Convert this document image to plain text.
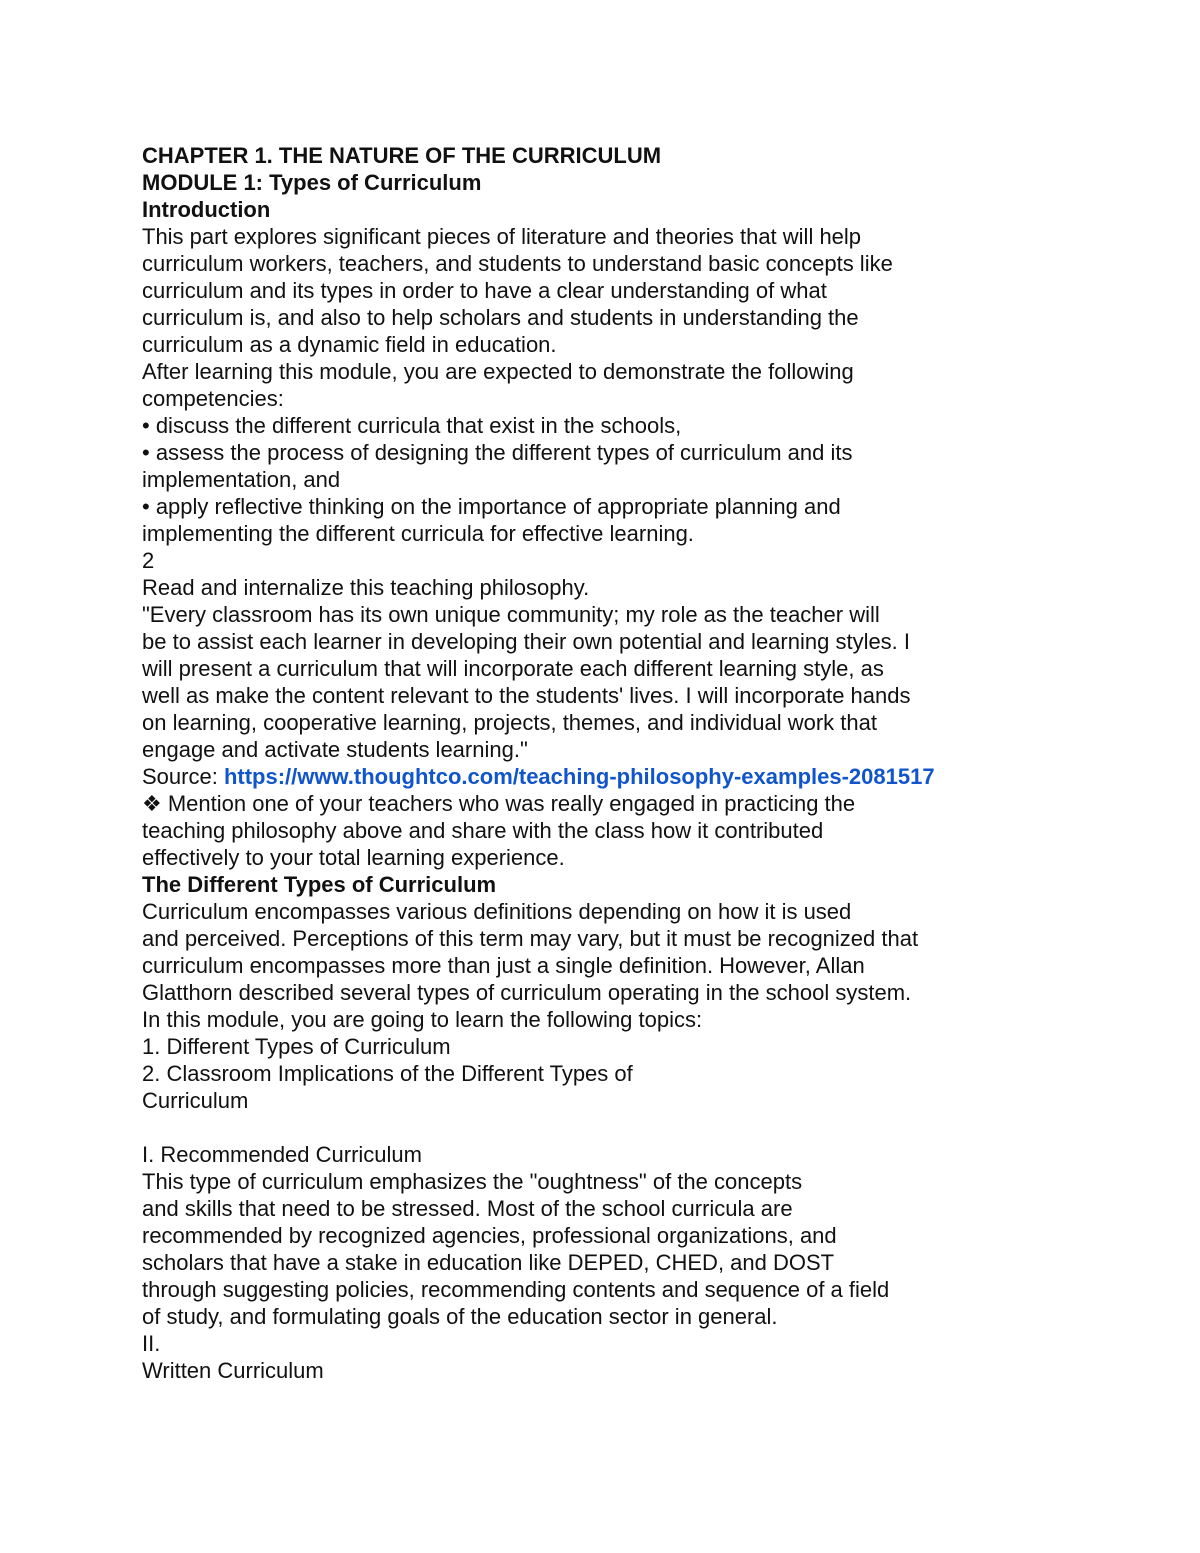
CHAPTER 1. THE NATURE OF THE CURRICULUM
MODULE 1: Types of Curriculum
Introduction
This part explores significant pieces of literature and theories that will help
curriculum workers, teachers, and students to understand basic concepts like
curriculum and its types in order to have a clear understanding of what
curriculum is, and also to help scholars and students in understanding the
curriculum as a dynamic field in education.
After learning this module, you are expected to demonstrate the following
competencies:
• discuss the different curricula that exist in the schools,
• assess the process of designing the different types of curriculum and its
implementation, and
• apply reflective thinking on the importance of appropriate planning and
implementing the different curricula for effective learning.
2
Read and internalize this teaching philosophy.
"Every classroom has its own unique community; my role as the teacher will
be to assist each learner in developing their own potential and learning styles. I
will present a curriculum that will incorporate each different learning style, as
well as make the content relevant to the students' lives. I will incorporate hands
on learning, cooperative learning, projects, themes, and individual work that
engage and activate students learning."
Source: https://www.thoughtco.com/teaching-philosophy-examples-2081517
❖ Mention one of your teachers who was really engaged in practicing the
teaching philosophy above and share with the class how it contributed
effectively to your total learning experience.
The Different Types of Curriculum
Curriculum encompasses various definitions depending on how it is used
and perceived. Perceptions of this term may vary, but it must be recognized that
curriculum encompasses more than just a single definition. However, Allan
Glatthorn described several types of curriculum operating in the school system.
In this module, you are going to learn the following topics:
1. Different Types of Curriculum
2. Classroom Implications of the Different Types of
Curriculum
I. Recommended Curriculum
This type of curriculum emphasizes the "oughtness" of the concepts
and skills that need to be stressed. Most of the school curricula are
recommended by recognized agencies, professional organizations, and
scholars that have a stake in education like DEPED, CHED, and DOST
through suggesting policies, recommending contents and sequence of a field
of study, and formulating goals of the education sector in general.
II.
Written Curriculum
